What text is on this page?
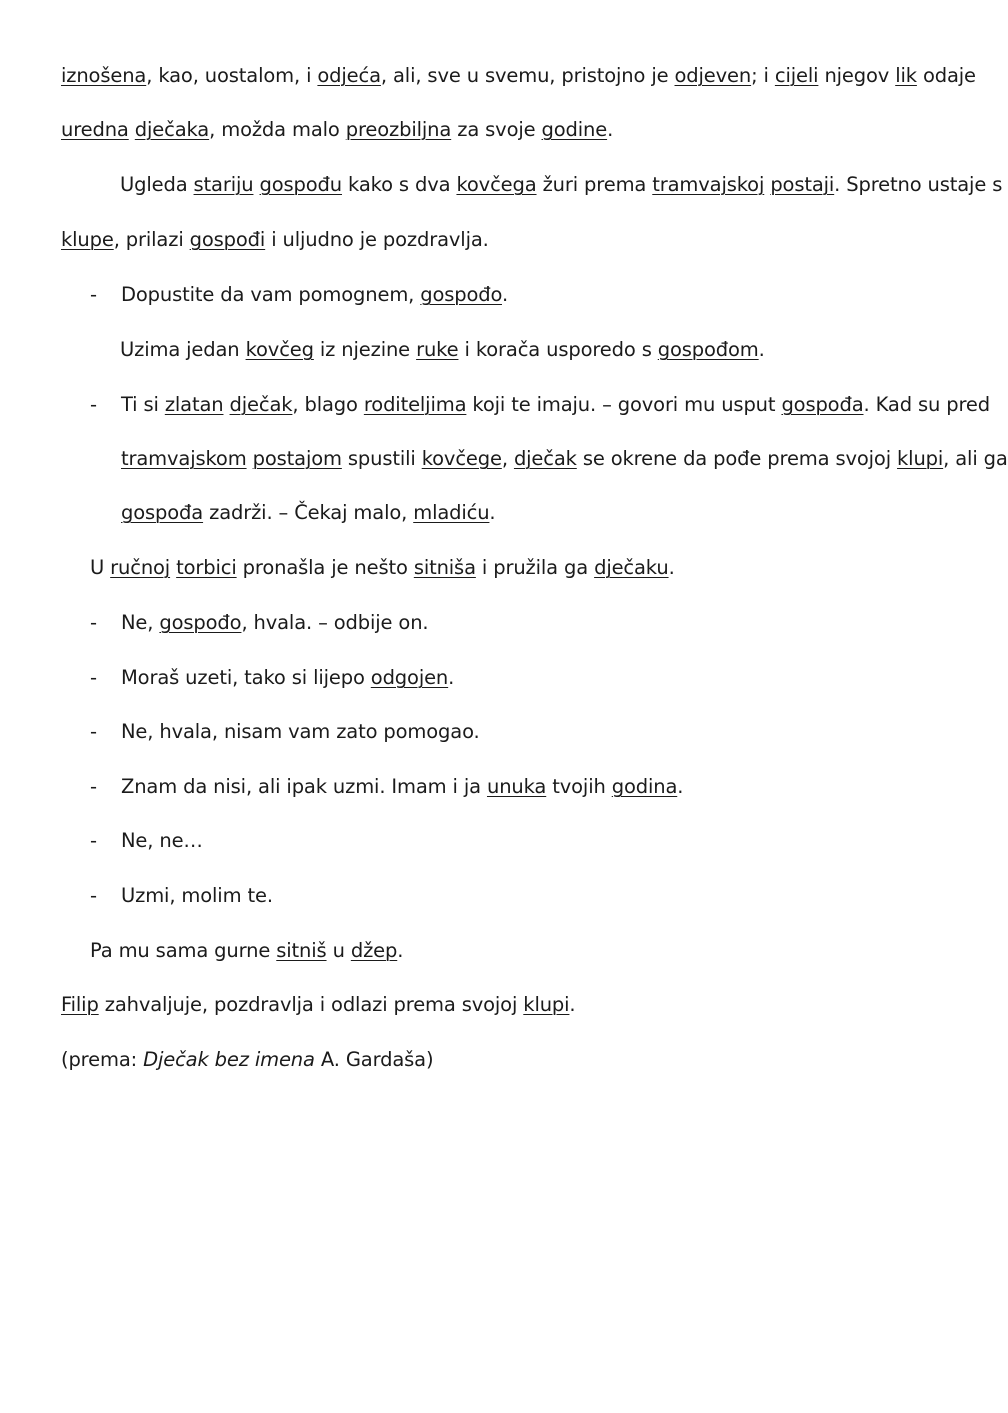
iznošena, kao, uostalom, i odjeća, ali, sve u svemu, pristojno je odjeven; i cijeli njegov lik odaje
uredna dječaka, možda malo preozbiljna za svoje godine.
Ugleda stariju gospođu kako s dva kovčega žuri prema tramvajskoj postaji. Spretno ustaje s
klupe, prilazi gospođi i uljudno je pozdravlja.
- Dopustite da vam pomognem, gospođo.
Uzima jedan kovčeg iz njezine ruke i korača usporedo s gospođom.
- Ti si zlatan dječak, blago roditeljima koji te imaju. – govori mu usput gospođa. Kad su pred
tramvajskom postajom spustili kovčege, dječak se okrene da pođe prema svojoj klupi, ali ga
gospođa zadrži. – Čekaj malo, mladiću.
U ručnoj torbici pronašla je nešto sitniša i pružila ga dječaku.
- Ne, gospođo, hvala. – odbije on.
- Moraš uzeti, tako si lijepo odgojen.
- Ne, hvala, nisam vam zato pomogao.
- Znam da nisi, ali ipak uzmi. Imam i ja unuka tvojih godina.
- Ne, ne…
- Uzmi, molim te.
Pa mu sama gurne sitniš u džep.
Filip zahvaljuje, pozdravlja i odlazi prema svojoj klupi.
(prema: Dječak bez imena A. Gardaša)
